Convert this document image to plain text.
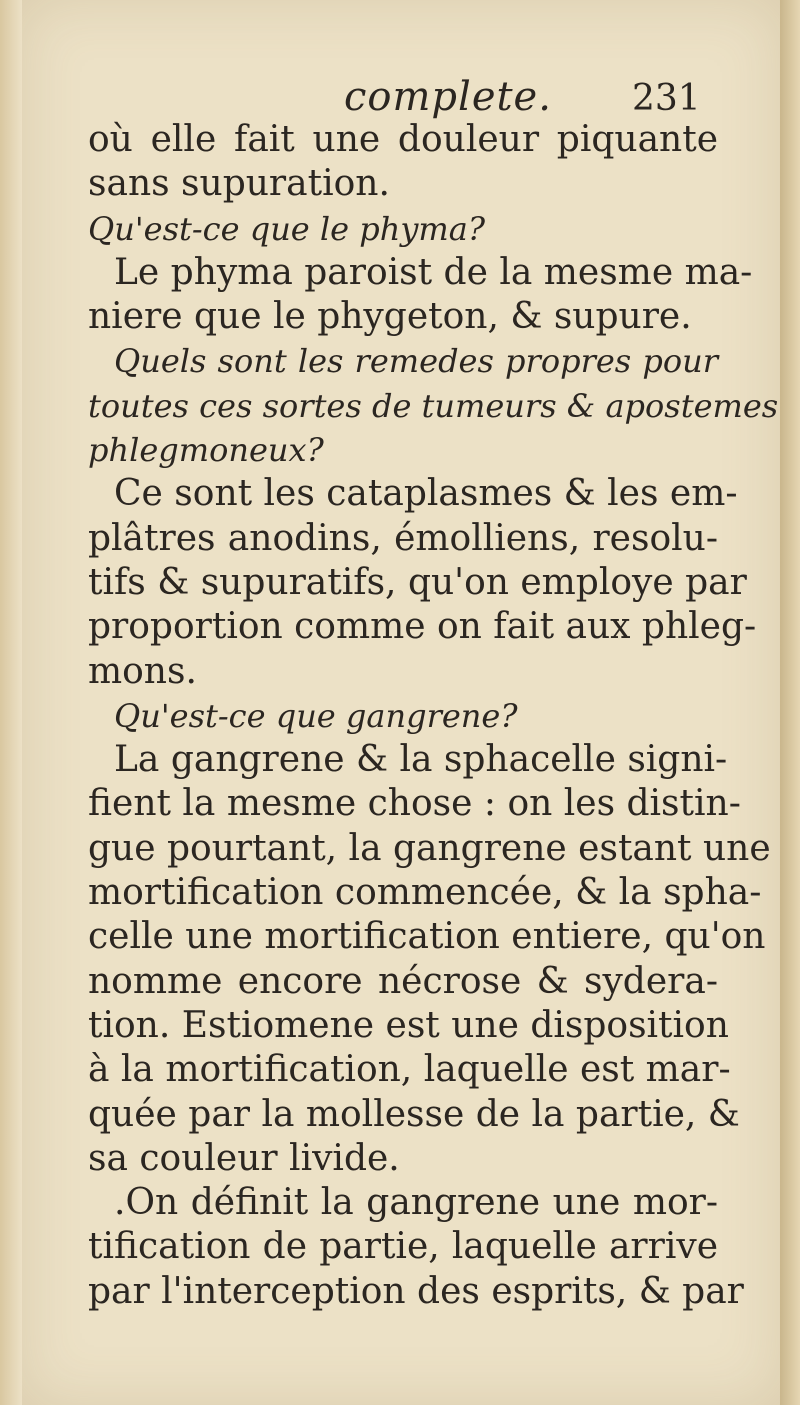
complete. 231
où elle fait une douleur piquante
sans supuration.
Qu'est-ce que le phyma?
Le phyma paroist de la mesme ma-
niere que le phygeton, & supure.
Quels sont les remedes propres pour
toutes ces sortes de tumeurs & apostemes
phlegmoneux?
Ce sont les cataplasmes & les em-
plâtres anodins, émolliens, resolu-
tifs & supuratifs, qu'on employe par
proportion comme on fait aux phleg-
mons.
Qu'est-ce que gangrene?
La gangrene & la sphacelle signi-
fient la mesme chose : on les distin-
gue pourtant, la gangrene estant une
mortification commencée, & la spha-
celle une mortification entiere, qu'on
nomme encore nécrose & sydera-
tion. Estiomene est une disposition
à la mortification, laquelle est mar-
quée par la mollesse de la partie, &
sa couleur livide.
.On définit la gangrene une mor-
tification de partie, laquelle arrive
par l'interception des esprits, & par
